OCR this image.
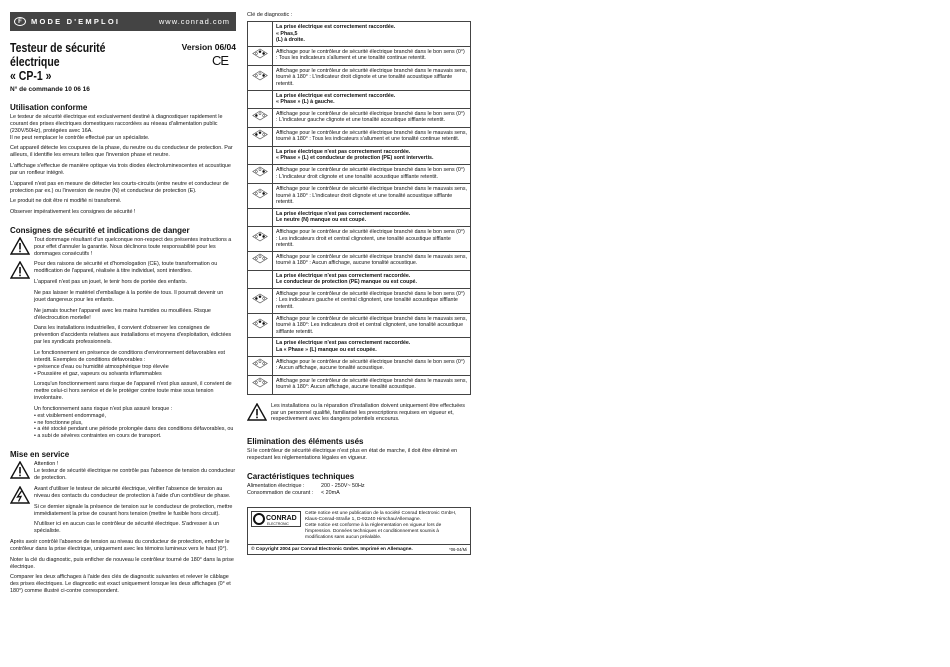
F	MODE D'EMPLOI	www.conrad.com
Testeur de sécurité électrique
« CP-1 »
Version 06/04
CE
N° de commande 10 06 16
Utilisation conforme

Le testeur de sécurité électrique est exclusivement destiné à diagnostiquer rapidement le courant des prises électriques domestiques raccordées au réseau d'alimentation public (230V/50Hz), protégées avec 16A.
Il ne peut remplacer le contrôle effectué par un spécialiste.

Cet appareil détecte les coupures de la phase, du neutre ou du conducteur de protection. Par ailleurs, il identifie les erreurs telles que l'inversion phase et neutre.

L'affichage s'effectue de manière optique via trois diodes électroluminescentes et acoustique par un ronfleur intégré.

L'appareil n'est pas en mesure de détecter les courts-circuits (entre neutre et conducteur de protection par ex.) ou l'inversion de neutre (N) et conducteur de protection (E).

Le produit ne doit être ni modifié ni transformé.

Observer impérativement les consignes de sécurité !

Consignes de sécurité et indications de danger

Tout dommage résultant d'un quelconque non-respect des présentes instructions a pour effet d'annuler la garantie. Nous déclinons toute responsabilité pour les dommages consécutifs !

Pour des raisons de sécurité et d'homologation (CE), toute transformation ou modification de l'appareil, réalisée à titre individuel, sont interdites.

L'appareil n'est pas un jouet, le tenir hors de portée des enfants.

Ne pas laisser le matériel d'emballage à la portée de tous. Il pourrait devenir un jouet dangereux pour les enfants.

Ne jamais toucher l'appareil avec les mains humides ou mouillées. Risque d'électrocution mortelle!

Dans les installations industrielles, il convient d'observer les consignes de prévention d'accidents relatives aux installations et moyens d'exploitation, édictées par les syndicats professionnels.

Le fonctionnement en présence de conditions d'environnement défavorables est interdit. Exemples de conditions défavorables :
• présence d'eau ou humidité atmosphérique trop élevée
• Poussière et gaz, vapeurs ou solvants inflammables

Lorsqu'un fonctionnement sans risque de l'appareil n'est plus assuré, il convient de mettre celui-ci hors service et de le protéger contre toute mise sous tension involontaire.

Un fonctionnement sans risque n'est plus assuré lorsque :
• est visiblement endommagé,
• ne fonctionne plus,
• a été stocké pendant une période prolongée dans des conditions défavorables, ou
• a subi de sévères contraintes en cours de transport.

Mise en service

Attention !
Le testeur de sécurité électrique ne contrôle pas l'absence de tension du conducteur de protection.

Avant d'utiliser le testeur de sécurité électrique, vérifier l'absence de tension au niveau des contacts du conducteur de protection à l'aide d'un contrôleur de phase.

Si ce dernier signale la présence de tension sur le conducteur de protection, mettre immédiatement la prise de courant hors tension (mettre le fusible hors circuit).

N'utiliser ici en aucun cas le contrôleur de sécurité électrique. S'adresser à un spécialiste.

Après avoir contrôlé l'absence de tension au niveau du conducteur de protection, enficher le contrôleur dans la prise électrique, uniquement avec les témoins lumineux vers le haut (0°).

Noter la clé du diagnostic, puis enficher de nouveau le contrôleur tourné de 180° dans la prise électrique.

Comparer les deux affichages à l'aide des clés de diagnostic suivantes et relever le câblage des prises électriques. Le diagnostic est exact uniquement lorsque les deux affichages (0° et 180°) comme illustré ci-contre correspondent.

Clé de diagnostic :

	La prise électrique est correctement raccordée.
« Phas,5
(L) à droite.

	Affichage pour le contrôleur de sécurité électrique branché dans le bon sens (0°) : Tous les indicateurs s'allument et une tonalité continue retentit.
	Affichage pour le contrôleur de sécurité électrique branché dans le mauvais sens, tourné à 180° : L'indicateur droit clignote et une tonalité acoustique sifflante retentit.

	La prise électrique est correctement raccordée.
« Phase » (L) à gauche.

	Affichage pour le contrôleur de sécurité électrique branché dans le bon sens (0°) : L'indicateur gauche clignote et une tonalité acoustique sifflante retentit.
	Affichage pour le contrôleur de sécurité électrique branché dans le mauvais sens, tourné à 180° : Tous les indicateurs s'allument et une tonalité continue retentit.

	La prise électrique n'est pas correctement raccordée.
« Phase » (L) et conducteur de protection (PE) sont intervertis.

	Affichage pour le contrôleur de sécurité électrique branché dans le bon sens (0°) : L'indicateur droit clignote et une tonalité acoustique sifflante retentit.
	Affichage pour le contrôleur de sécurité électrique branché dans le mauvais sens, tourné à 180° : L'indicateur droit clignote et une tonalité acoustique sifflante retentit.

	La prise électrique n'est pas correctement raccordée.
Le neutre (N) manque ou est coupé.

	Affichage pour le contrôleur de sécurité électrique branché dans le bon sens (0°) : Les indicateurs droit et central clignotent, une tonalité acoustique sifflante retentit.
	Affichage pour le contrôleur de sécurité électrique branché dans le mauvais sens, tourné à 180° : Aucun affichage, aucune tonalité acoustique.

	La prise électrique n'est pas correctement raccordée.
Le conducteur de protection (PE) manque ou est coupé.

	Affichage pour le contrôleur de sécurité électrique branché dans le bon sens (0°) : Les indicateurs gauche et central clignotent, une tonalité acoustique sifflante retentit.
	Affichage pour le contrôleur de sécurité électrique branché dans le mauvais sens, tourné à 180°: Les indicateurs droit et central clignotent, une tonalité acoustique sifflante retentit.

	La prise électrique n'est pas correctement raccordée.
La « Phase » (L) manque ou est coupée.

	Affichage pour le contrôleur de sécurité électrique branché dans le bon sens (0°) : Aucun affichage, aucune tonalité acoustique.
	Affichage pour le contrôleur de sécurité électrique branché dans le mauvais sens, tourné à 180°: Aucun affichage, aucune tonalité acoustique.

Les installations ou la réparation d'installation doivent uniquement être effectuées par un personnel qualifié, familiarisé les prescriptions requises en vigueur et, respectivement avec les dangers potentiels encourus.

Elimination des éléments usés

Si le contrôleur de sécurité électrique n'est plus en état de marche, il doit être éliminé en respectant les réglementations légales en vigueur.

Caractéristiques techniques
Alimentation électrique :	200 - 250V~ 50Hz
Consommation de courant :	< 20mA
CONRAD
ELECTRONIC
Cette notice est une publication de la société Conrad Electronic GmbH, Klaus-Conrad-Straße 1, D-92240 Hirschau/Allemagne.
Cette notice est conforme à la réglementation en vigueur lors de l'impression. Données techniques et conditionnement soumis à modifications sans aucun préalable.
© Copyright 2004 par Conrad Electronic GmbH. Imprimé en Allemagne.	*06-04/Mi
